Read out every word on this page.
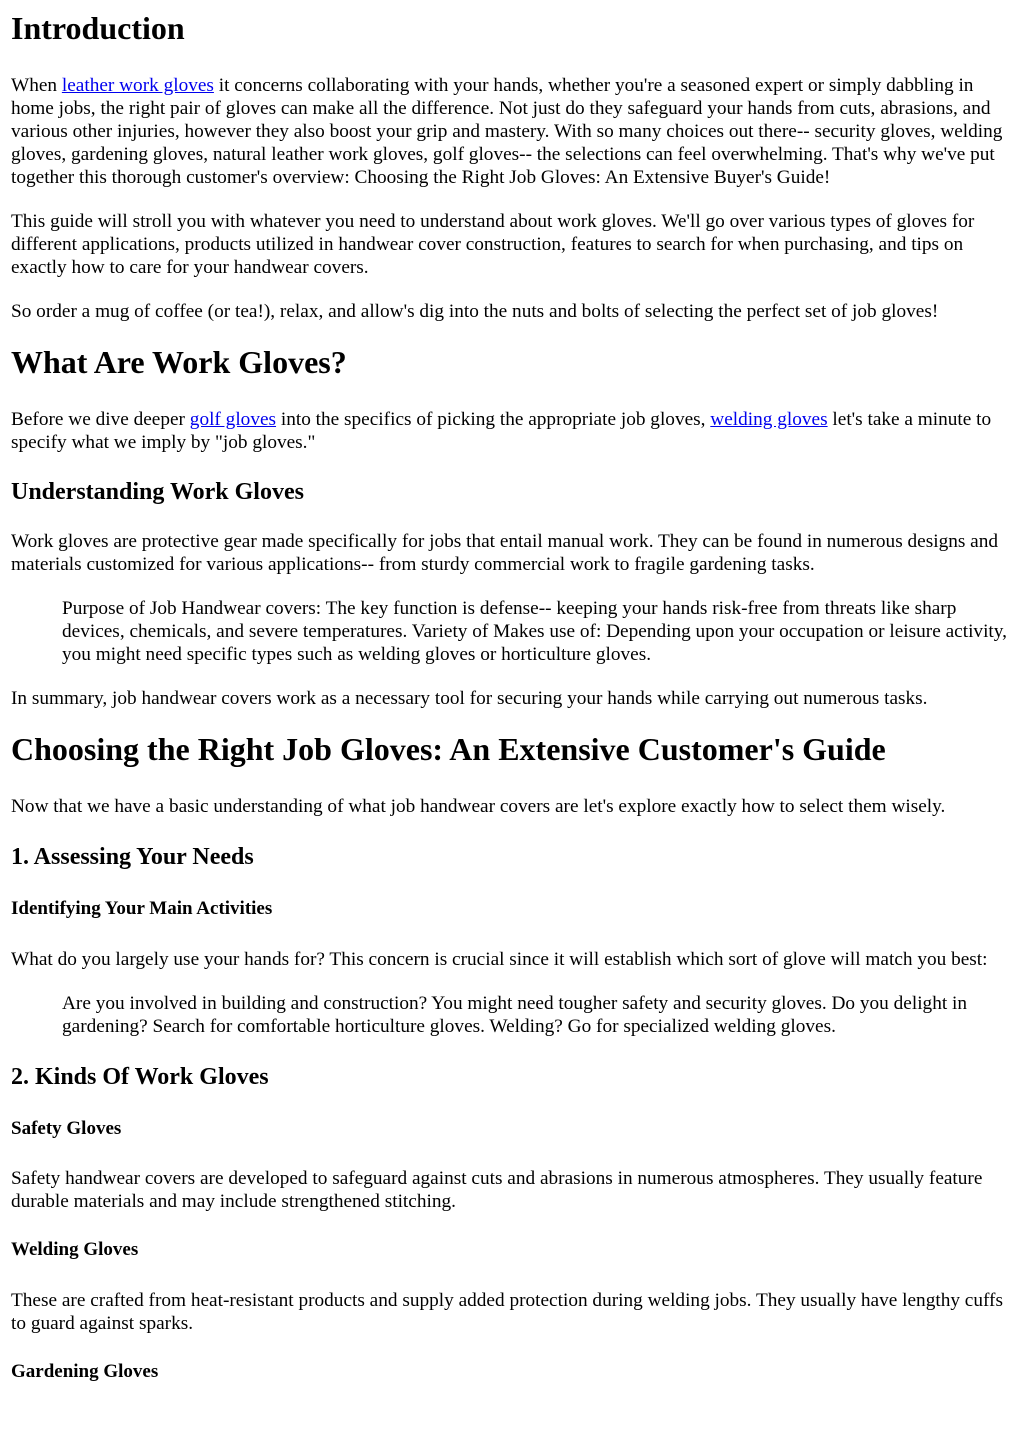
Introduction

When leather work gloves it concerns collaborating with your hands, whether you're a seasoned expert or simply dabbling in home jobs, the right pair of gloves can make all the difference. Not just do they safeguard your hands from cuts, abrasions, and various other injuries, however they also boost your grip and mastery. With so many choices out there-- security gloves, welding gloves, gardening gloves, natural leather work gloves, golf gloves-- the selections can feel overwhelming. That's why we've put together this thorough customer's overview: Choosing the Right Job Gloves: An Extensive Buyer's Guide!

This guide will stroll you with whatever you need to understand about work gloves. We'll go over various types of gloves for different applications, products utilized in handwear cover construction, features to search for when purchasing, and tips on exactly how to care for your handwear covers.

So order a mug of coffee (or tea!), relax, and allow's dig into the nuts and bolts of selecting the perfect set of job gloves!

What Are Work Gloves?

Before we dive deeper golf gloves into the specifics of picking the appropriate job gloves, welding gloves let's take a minute to specify what we imply by "job gloves."

Understanding Work Gloves

Work gloves are protective gear made specifically for jobs that entail manual work. They can be found in numerous designs and materials customized for various applications-- from sturdy commercial work to fragile gardening tasks.

Purpose of Job Handwear covers: The key function is defense-- keeping your hands risk-free from threats like sharp devices, chemicals, and severe temperatures. Variety of Makes use of: Depending upon your occupation or leisure activity, you might need specific types such as welding gloves or horticulture gloves.

In summary, job handwear covers work as a necessary tool for securing your hands while carrying out numerous tasks.

Choosing the Right Job Gloves: An Extensive Customer's Guide

Now that we have a basic understanding of what job handwear covers are let's explore exactly how to select them wisely.

1. Assessing Your Needs
Identifying Your Main Activities

What do you largely use your hands for? This concern is crucial since it will establish which sort of glove will match you best:

Are you involved in building and construction? You might need tougher safety and security gloves. Do you delight in gardening? Search for comfortable horticulture gloves. Welding? Go for specialized welding gloves.
2. Kinds Of Work Gloves
Safety Gloves

Safety handwear covers are developed to safeguard against cuts and abrasions in numerous atmospheres. They usually feature durable materials and may include strengthened stitching.

Welding Gloves

These are crafted from heat-resistant products and supply added protection during welding jobs. They usually have lengthy cuffs to guard against sparks.

Gardening Gloves
